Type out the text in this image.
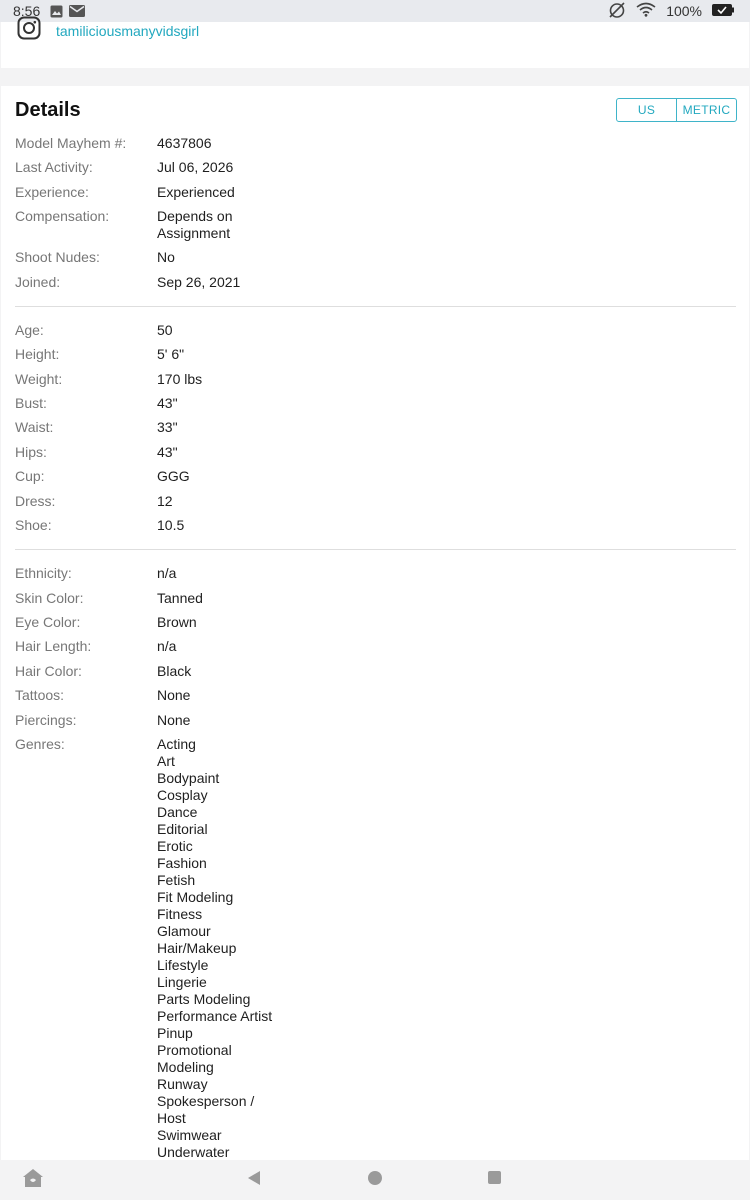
8:56	100%
tamiliciousmanyvidsgirl
Details	US	METRIC
Model Mayhem #:	4637806
Last Activity:	Jul 06, 2026
Experience:	Experienced
Compensation:	Depends on Assignment
Shoot Nudes:	No
Joined:	Sep 26, 2021
Age:	50
Height:	5' 6"
Weight:	170 lbs
Bust:	43"
Waist:	33"
Hips:	43"
Cup:	GGG
Dress:	12
Shoe:	10.5
Ethnicity:	n/a
Skin Color:	Tanned
Eye Color:	Brown
Hair Length:	n/a
Hair Color:	Black
Tattoos:	None
Piercings:	None
Genres:	Acting
Art
Bodypaint
Cosplay
Dance
Editorial
Erotic
Fashion
Fetish
Fit Modeling
Fitness
Glamour
Hair/Makeup
Lifestyle
Lingerie
Parts Modeling
Performance Artist
Pinup
Promotional Modeling
Runway
Spokesperson / Host
Swimwear
Underwater
